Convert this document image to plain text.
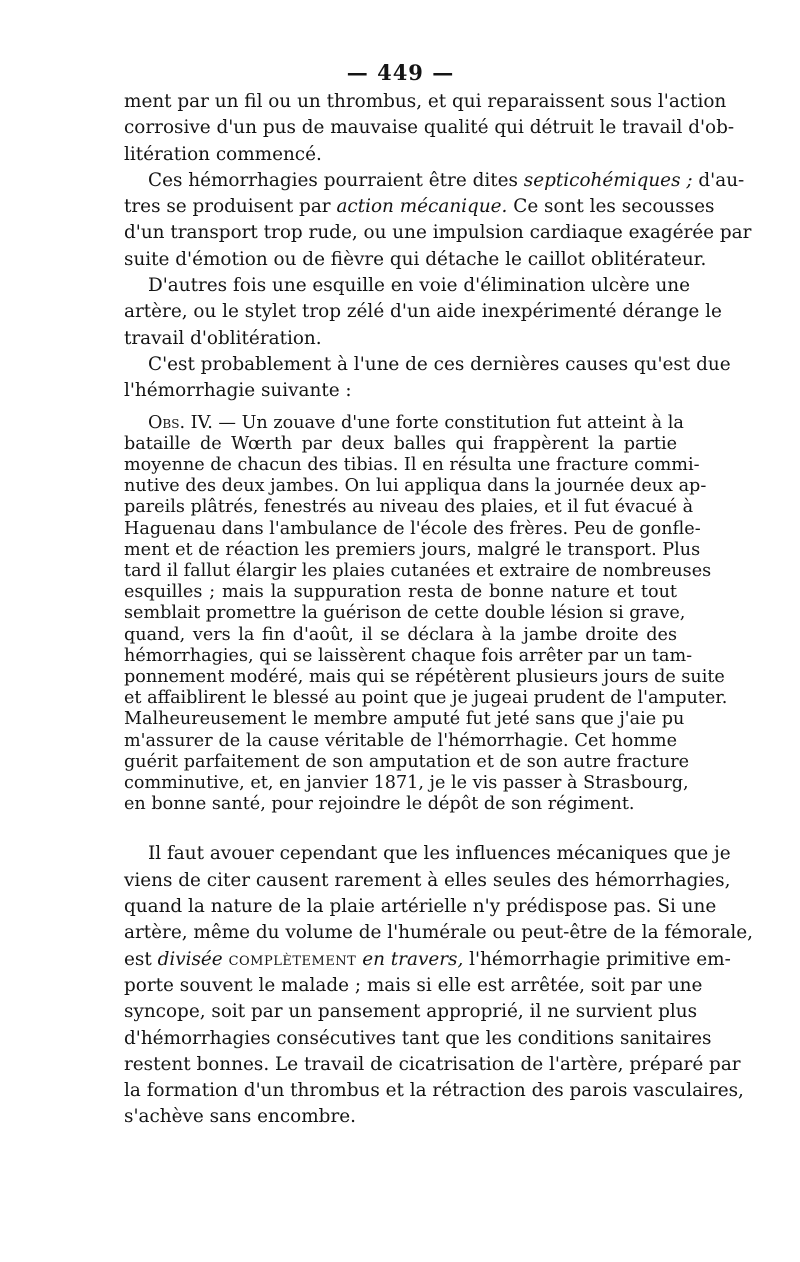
— 449 —
ment par un fil ou un thrombus, et qui reparaissent sous l'action
corrosive d'un pus de mauvaise qualité qui détruit le travail d'ob-
litération commencé.
Ces hémorrhagies pourraient être dites septicohémiques ; d'au-
tres se produisent par action mécanique. Ce sont les secousses
d'un transport trop rude, ou une impulsion cardiaque exagérée par
suite d'émotion ou de fièvre qui détache le caillot oblitérateur.
D'autres fois une esquille en voie d'élimination ulcère une
artère, ou le stylet trop zélé d'un aide inexpérimenté dérange le
travail d'oblitération.
C'est probablement à l'une de ces dernières causes qu'est due
l'hémorrhagie suivante :
Obs. IV. — Un zouave d'une forte constitution fut atteint à la
bataille de Wœrth par deux balles qui frappèrent la partie
moyenne de chacun des tibias. Il en résulta une fracture commi-
nutive des deux jambes. On lui appliqua dans la journée deux ap-
pareils plâtrés, fenestrés au niveau des plaies, et il fut évacué à
Haguenau dans l'ambulance de l'école des frères. Peu de gonfle-
ment et de réaction les premiers jours, malgré le transport. Plus
tard il fallut élargir les plaies cutanées et extraire de nombreuses
esquilles ; mais la suppuration resta de bonne nature et tout
semblait promettre la guérison de cette double lésion si grave,
quand, vers la fin d'août, il se déclara à la jambe droite des
hémorrhagies, qui se laissèrent chaque fois arrêter par un tam-
ponnement modéré, mais qui se répétèrent plusieurs jours de suite
et affaiblirent le blessé au point que je jugeai prudent de l'amputer.
Malheureusement le membre amputé fut jeté sans que j'aie pu
m'assurer de la cause véritable de l'hémorrhagie. Cet homme
guérit parfaitement de son amputation et de son autre fracture
comminutive, et, en janvier 1871, je le vis passer à Strasbourg,
en bonne santé, pour rejoindre le dépôt de son régiment.
Il faut avouer cependant que les influences mécaniques que je
viens de citer causent rarement à elles seules des hémorrhagies,
quand la nature de la plaie artérielle n'y prédispose pas. Si une
artère, même du volume de l'humérale ou peut-être de la fémorale,
est divisée complètement en travers, l'hémorrhagie primitive em-
porte souvent le malade ; mais si elle est arrêtée, soit par une
syncope, soit par un pansement approprié, il ne survient plus
d'hémorrhagies consécutives tant que les conditions sanitaires
restent bonnes. Le travail de cicatrisation de l'artère, préparé par
la formation d'un thrombus et la rétraction des parois vasculaires,
s'achève sans encombre.
